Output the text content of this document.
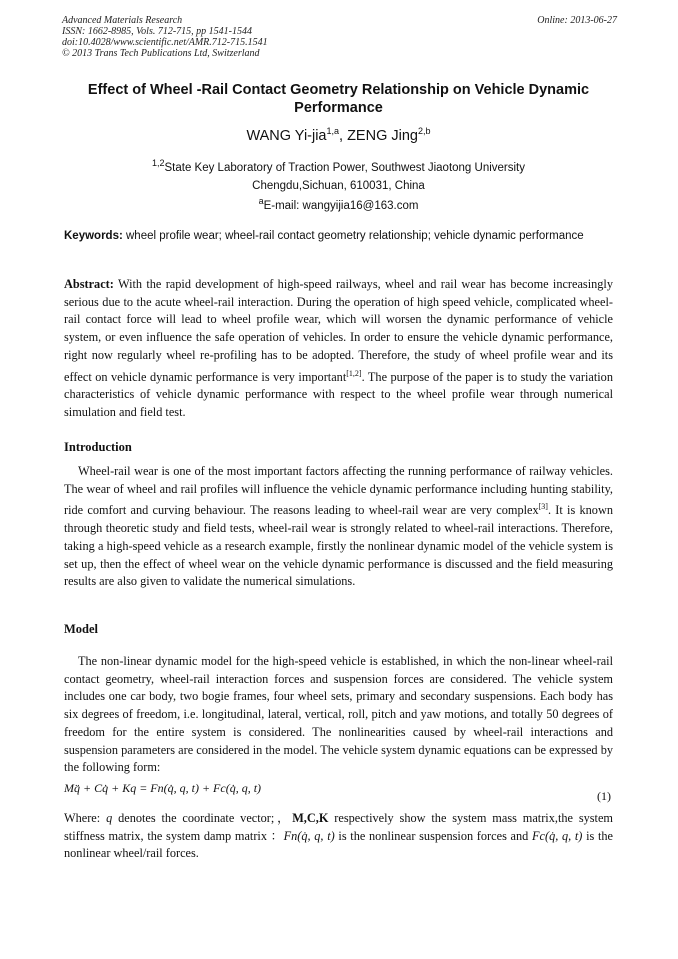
Advanced Materials Research
ISSN: 1662-8985, Vols. 712-715, pp 1541-1544
doi:10.4028/www.scientific.net/AMR.712-715.1541
© 2013 Trans Tech Publications Ltd, Switzerland
Online: 2013-06-27
Effect of Wheel -Rail Contact Geometry Relationship on Vehicle Dynamic Performance
WANG Yi-jia$^{1,a}$, ZENG Jing$^{2,b}$
$^{1,2}$State Key Laboratory of Traction Power, Southwest Jiaotong University
Chengdu,Sichuan, 610031, China
$^a$E-mail: wangyijia16@163.com
Keywords: wheel profile wear; wheel-rail contact geometry relationship; vehicle dynamic performance
Abstract: With the rapid development of high-speed railways, wheel and rail wear has become increasingly serious due to the acute wheel-rail interaction. During the operation of high speed vehicle, complicated wheel-rail contact force will lead to wheel profile wear, which will worsen the dynamic performance of vehicle system, or even influence the safe operation of vehicles. In order to ensure the vehicle dynamic performance, right now regularly wheel re-profiling has to be adopted. Therefore, the study of wheel profile wear and its effect on vehicle dynamic performance is very important[1,2]. The purpose of the paper is to study the variation characteristics of vehicle dynamic performance with respect to the wheel profile wear through numerical simulation and field test.
Introduction
Wheel-rail wear is one of the most important factors affecting the running performance of railway vehicles. The wear of wheel and rail profiles will influence the vehicle dynamic performance including hunting stability, ride comfort and curving behaviour. The reasons leading to wheel-rail wear are very complex[3]. It is known through theoretic study and field tests, wheel-rail wear is strongly related to wheel-rail interactions. Therefore, taking a high-speed vehicle as a research example, firstly the nonlinear dynamic model of the vehicle system is set up, then the effect of wheel wear on the vehicle dynamic performance is discussed and the field measuring results are also given to validate the numerical simulations.
Model
The non-linear dynamic model for the high-speed vehicle is established, in which the non-linear wheel-rail contact geometry, wheel-rail interaction forces and suspension forces are considered. The vehicle system includes one car body, two bogie frames, four wheel sets, primary and secondary suspensions. Each body has six degrees of freedom, i.e. longitudinal, lateral, vertical, roll, pitch and yaw motions, and totally 50 degrees of freedom for the entire system is considered. The nonlinearities caused by wheel-rail interactions and suspension parameters are considered in the model. The vehicle system dynamic equations can be expressed by the following form:
Mq̈ + Cq̇ + Kq = Fn(q̇, q, t) + Fc(q̇, q, t)
(1)
Where: q denotes the coordinate vector;，M,C,K respectively show the system mass matrix,the system stiffness matrix, the system damp matrix ：Fn(q̇, q, t) is the nonlinear suspension forces and Fc(q̇, q, t) is the nonlinear wheel/rail forces.
